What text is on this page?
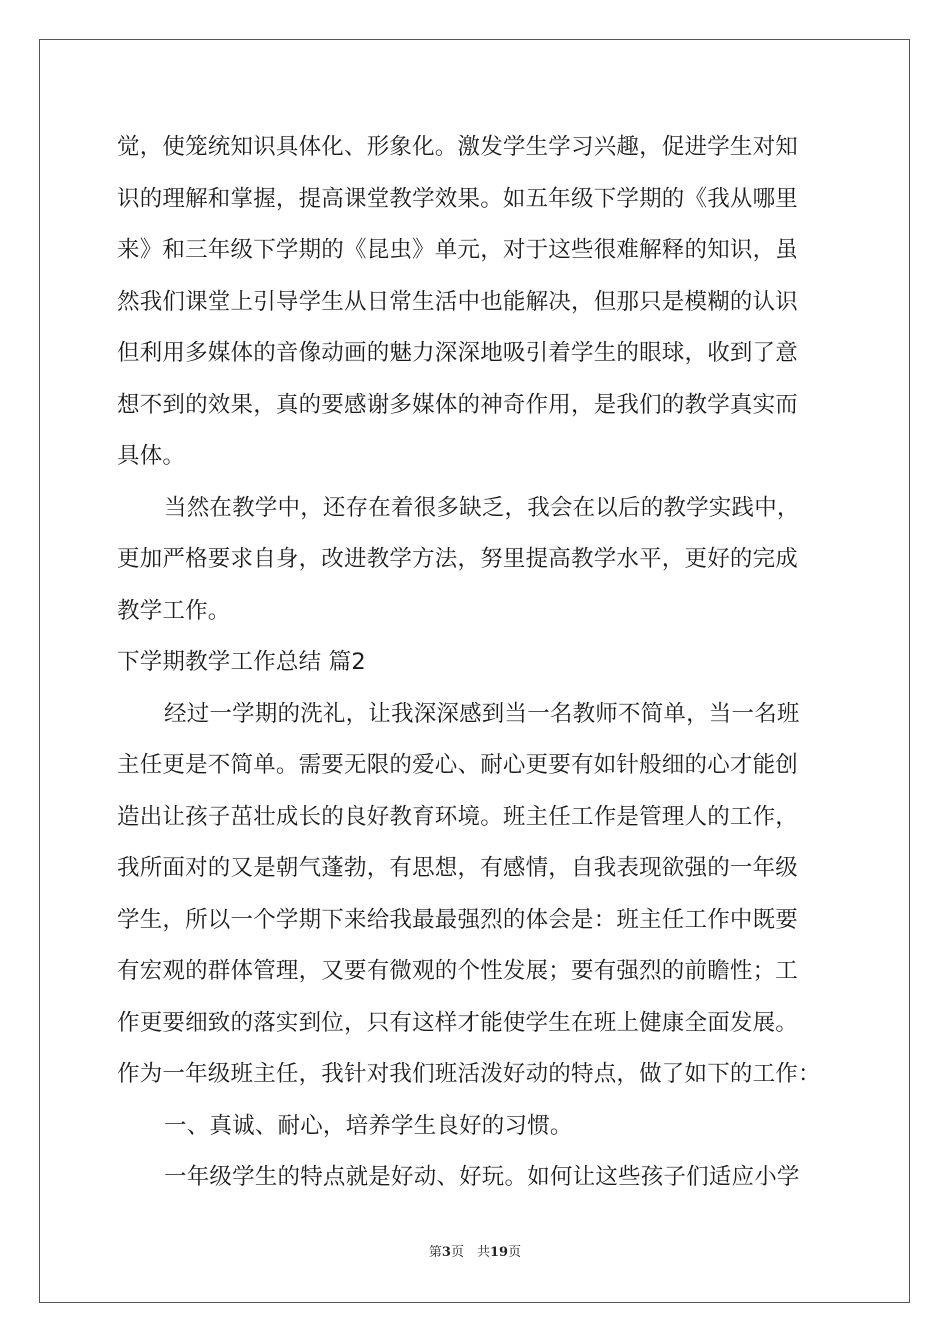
觉，使笼统知识具体化、形象化。激发学生学习兴趣，促进学生对知
识的理解和掌握，提高课堂教学效果。如五年级下学期的《我从哪里
来》和三年级下学期的《昆虫》单元，对于这些很难解释的知识，虽
然我们课堂上引导学生从日常生活中也能解决，但那只是模糊的认识
但利用多媒体的音像动画的魅力深深地吸引着学生的眼球，收到了意
想不到的效果，真的要感谢多媒体的神奇作用，是我们的教学真实而
具体。
当然在教学中，还存在着很多缺乏，我会在以后的教学实践中，
更加严格要求自身，改进教学方法，努里提高教学水平，更好的完成
教学工作。
下学期教学工作总结 篇2
经过一学期的洗礼，让我深深感到当一名教师不简单，当一名班
主任更是不简单。需要无限的爱心、耐心更要有如针般细的心才能创
造出让孩子茁壮成长的良好教育环境。班主任工作是管理人的工作，
我所面对的又是朝气蓬勃，有思想，有感情，自我表现欲强的一年级
学生，所以一个学期下来给我最最强烈的体会是：班主任工作中既要
有宏观的群体管理，又要有微观的个性发展；要有强烈的前瞻性；工
作更要细致的落实到位，只有这样才能使学生在班上健康全面发展。
作为一年级班主任，我针对我们班活泼好动的特点，做了如下的工作：
一、真诚、耐心，培养学生良好的习惯。
一年级学生的特点就是好动、好玩。如何让这些孩子们适应小学
第3页　共19页
